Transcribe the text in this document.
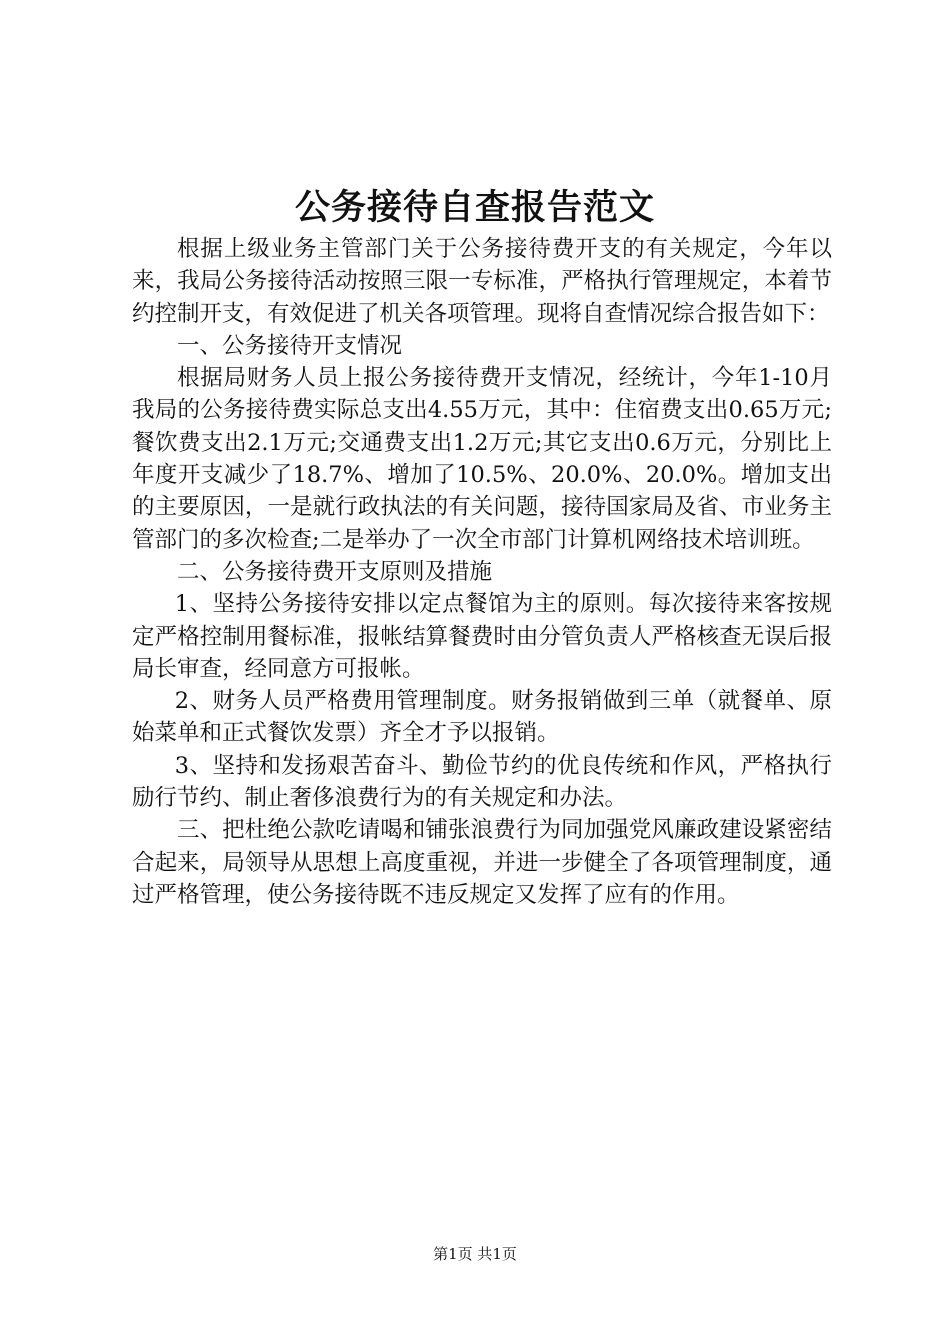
公务接待自查报告范文

根据上级业务主管部门关于公务接待费开支的有关规定，今年以来，我局公务接待活动按照三限一专标准，严格执行管理规定，本着节约控制开支，有效促进了机关各项管理。现将自查情况综合报告如下：

一、公务接待开支情况

根据局财务人员上报公务接待费开支情况，经统计，今年1-10月我局的公务接待费实际总支出4.55万元，其中：住宿费支出0.65万元;餐饮费支出2.1万元;交通费支出1.2万元;其它支出0.6万元，分别比上年度开支减少了18.7%、增加了10.5%、20.0%、20.0%。增加支出的主要原因，一是就行政执法的有关问题，接待国家局及省、市业务主管部门的多次检查;二是举办了一次全市部门计算机网络技术培训班。

二、公务接待费开支原则及措施

1、坚持公务接待安排以定点餐馆为主的原则。每次接待来客按规定严格控制用餐标准，报帐结算餐费时由分管负责人严格核查无误后报局长审查，经同意方可报帐。

2、财务人员严格费用管理制度。财务报销做到三单（就餐单、原始菜单和正式餐饮发票）齐全才予以报销。

3、坚持和发扬艰苦奋斗、勤俭节约的优良传统和作风，严格执行励行节约、制止奢侈浪费行为的有关规定和办法。

三、把杜绝公款吃请喝和铺张浪费行为同加强党风廉政建设紧密结合起来，局领导从思想上高度重视，并进一步健全了各项管理制度，通过严格管理，使公务接待既不违反规定又发挥了应有的作用。

第1页 共1页
